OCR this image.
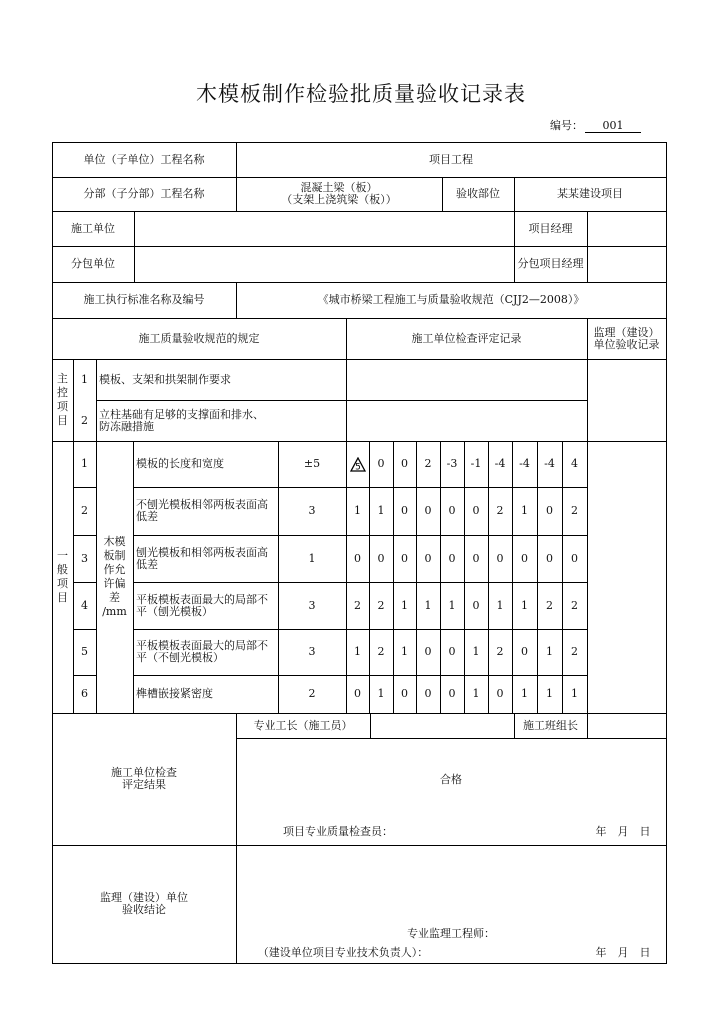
木模板制作检验批质量验收记录表
编号： 001
单位（子单位）工程名称	项目工程
分部（子分部）工程名称	混凝土梁（板）
（支架上浇筑梁（板））	验收部位	某某建设项目
施工单位	项目经理
分包单位	分包项目经理
施工执行标准名称及编号	《城市桥梁工程施工与质量验收规范（CJJ2—2008）》
施工质量验收规范的规定	施工单位检查评定记录	监理（建设）
单位验收记录
主
控
项
目
1	模板、支架和拱架制作要求
2	立柱基础有足够的支撑面和排水、
防冻融措施
一
般
项
目
木模
板制
作允
许偏
差
/mm
1	模板的长度和宽度	±5	5	0	0	2	-3	-1	-4	-4	-4	4
2	不刨光模板相邻两板表面高
低差	3	1	1	0	0	0	0	2	1	0	2
3	刨光模板和相邻两板表面高
低差	1	0	0	0	0	0	0	0	0	0	0
4	平板模板表面最大的局部不
平（刨光模板）	3	2	2	1	1	1	0	1	1	2	2
5	平板模板表面最大的局部不
平（不刨光模板）	3	1	2	1	0	0	1	2	0	1	2
6	榫槽嵌接紧密度	2	0	1	0	0	0	1	0	1	1	1
施工单位检查
评定结果
专业工长（施工员）	施工班组长
合格
项目专业质量检查员：	年　月　日
监理（建设）单位
验收结论
专业监理工程师：
（建设单位项目专业技术负责人）：	年　月　日
